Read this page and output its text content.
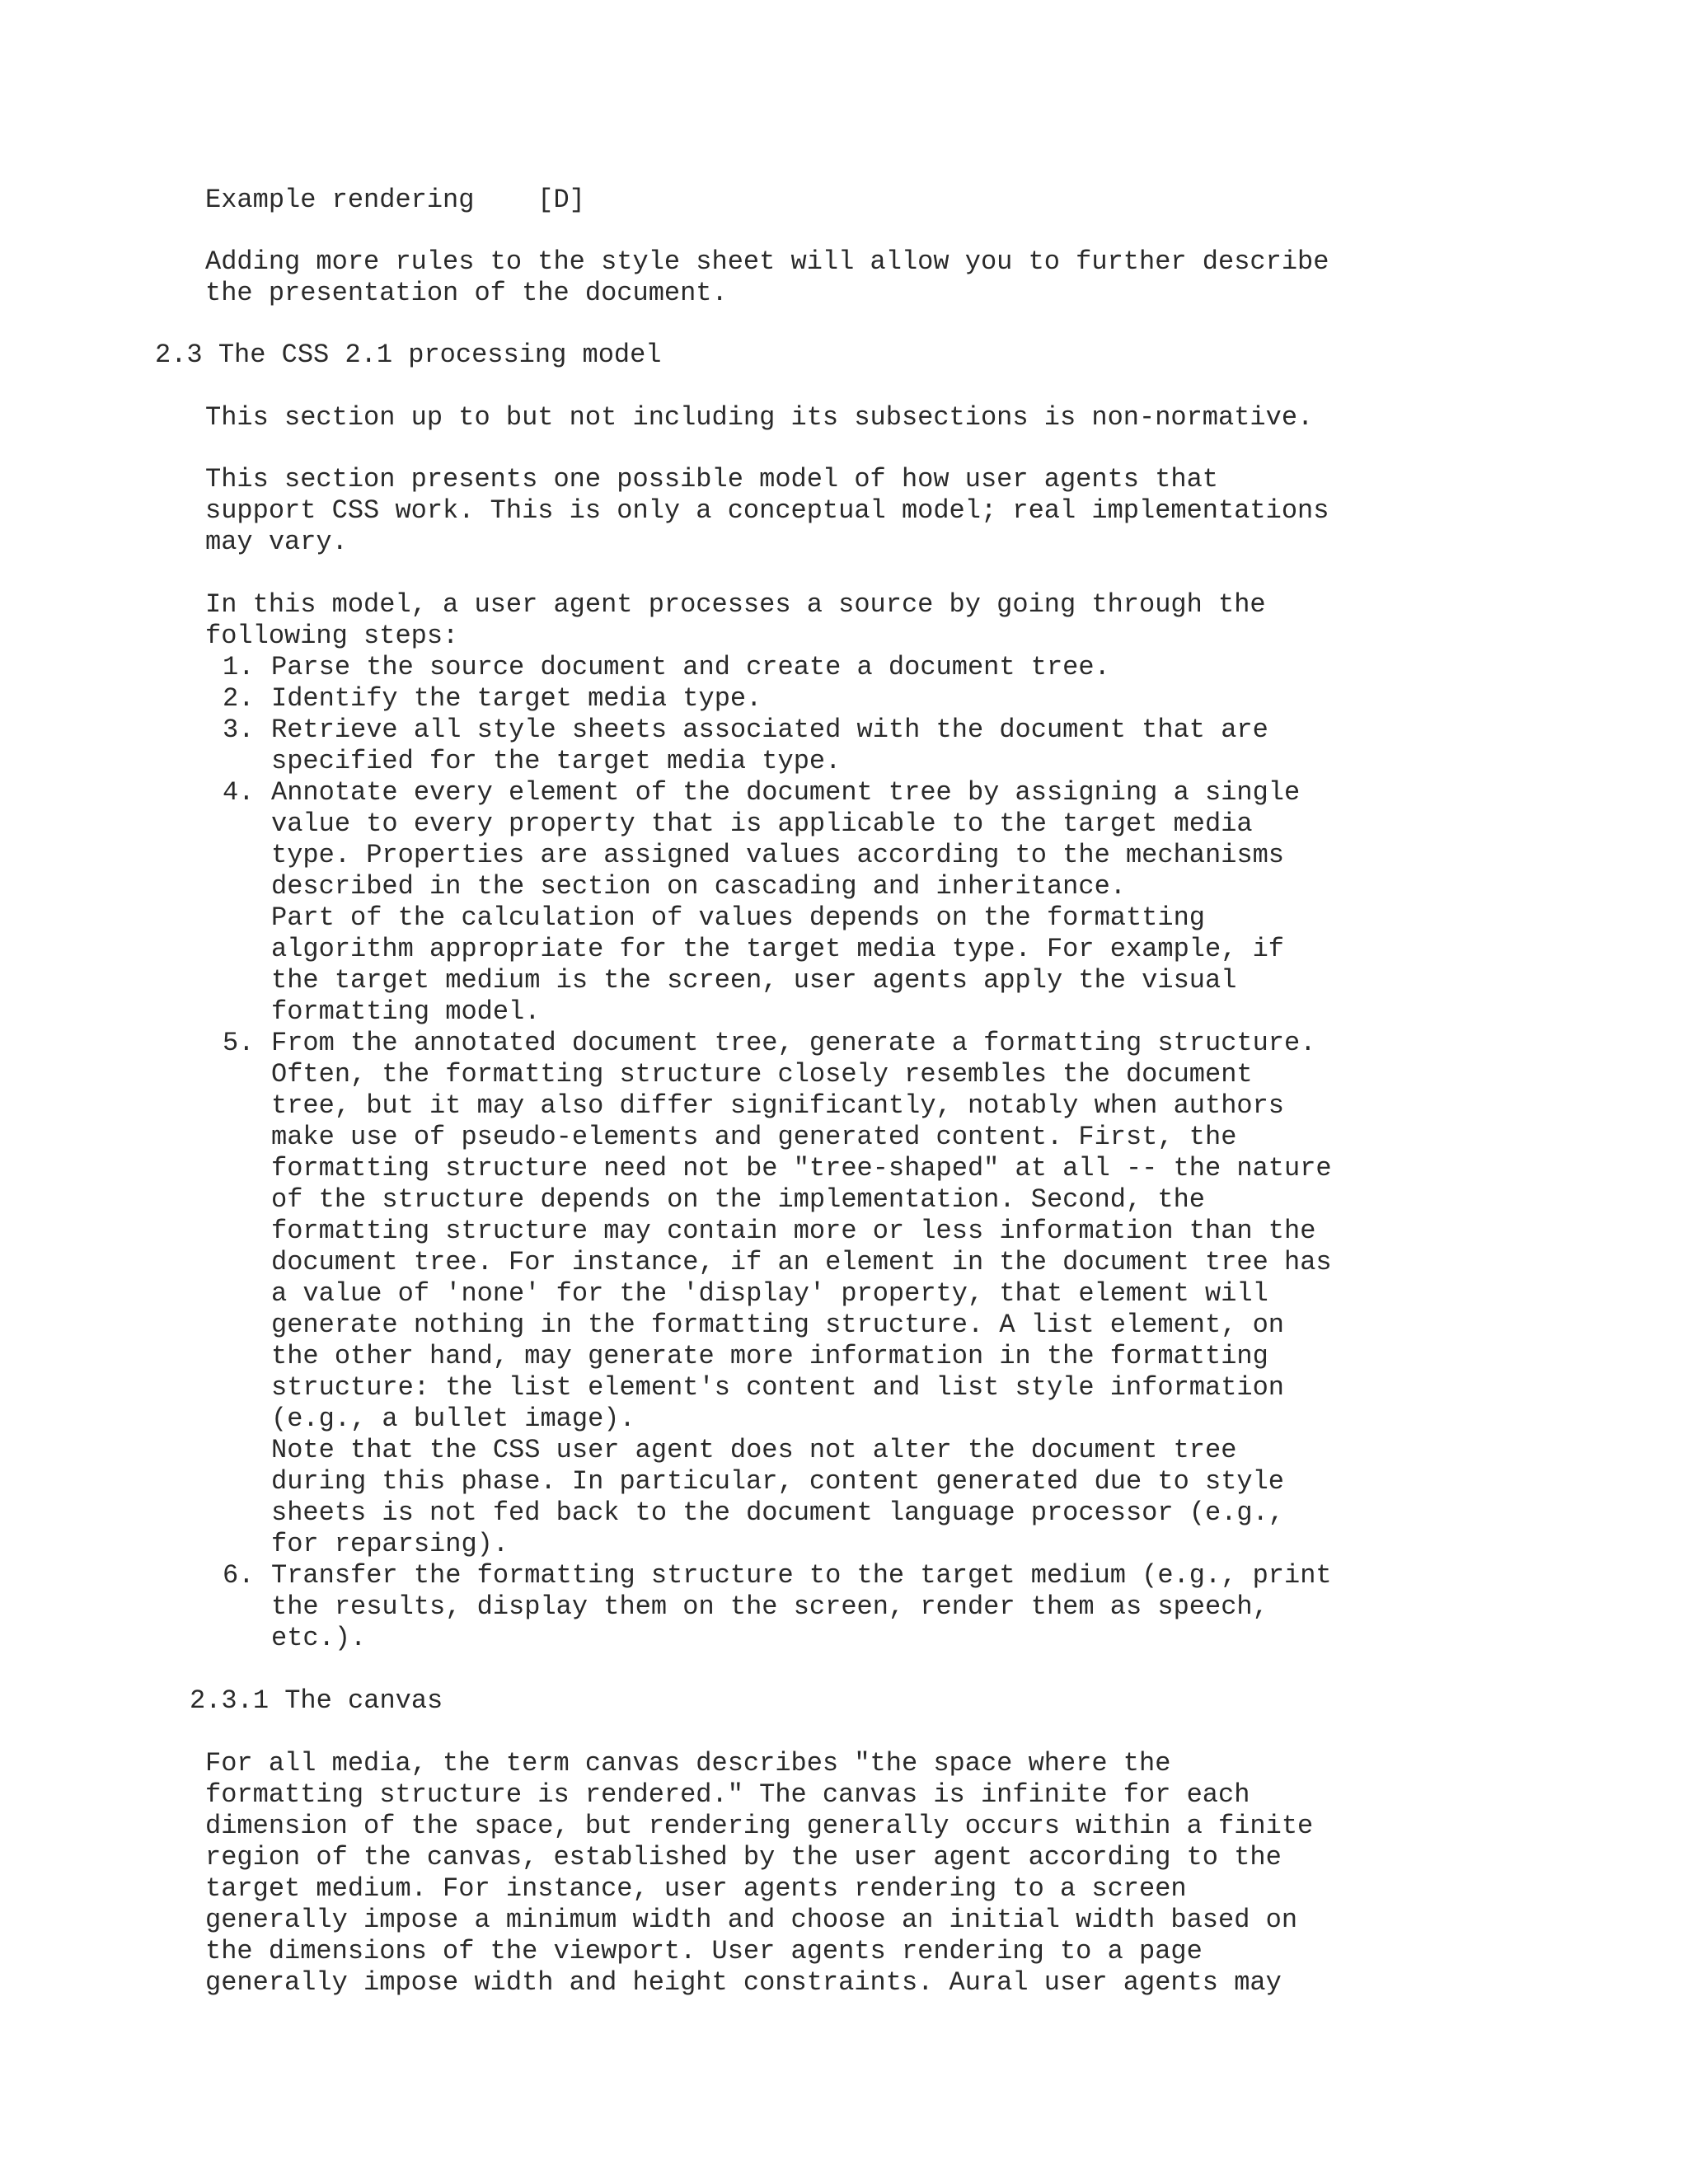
Example rendering [D]
Adding more rules to the style sheet will allow you to further describe
the presentation of the document.
2.3 The CSS 2.1 processing model
This section up to but not including its subsections is non-normative.
This section presents one possible model of how user agents that
support CSS work. This is only a conceptual model; real implementations
may vary.
In this model, a user agent processes a source by going through the
following steps:
1. Parse the source document and create a document tree.
2. Identify the target media type.
3. Retrieve all style sheets associated with the document that are
specified for the target media type.
4. Annotate every element of the document tree by assigning a single
value to every property that is applicable to the target media
type. Properties are assigned values according to the mechanisms
described in the section on cascading and inheritance.
Part of the calculation of values depends on the formatting
algorithm appropriate for the target media type. For example, if
the target medium is the screen, user agents apply the visual
formatting model.
5. From the annotated document tree, generate a formatting structure.
Often, the formatting structure closely resembles the document
tree, but it may also differ significantly, notably when authors
make use of pseudo-elements and generated content. First, the
formatting structure need not be "tree-shaped" at all -- the nature
of the structure depends on the implementation. Second, the
formatting structure may contain more or less information than the
document tree. For instance, if an element in the document tree has
a value of 'none' for the 'display' property, that element will
generate nothing in the formatting structure. A list element, on
the other hand, may generate more information in the formatting
structure: the list element's content and list style information
(e.g., a bullet image).
Note that the CSS user agent does not alter the document tree
during this phase. In particular, content generated due to style
sheets is not fed back to the document language processor (e.g.,
for reparsing).
6. Transfer the formatting structure to the target medium (e.g., print
the results, display them on the screen, render them as speech,
etc.).
2.3.1 The canvas
For all media, the term canvas describes "the space where the
formatting structure is rendered." The canvas is infinite for each
dimension of the space, but rendering generally occurs within a finite
region of the canvas, established by the user agent according to the
target medium. For instance, user agents rendering to a screen
generally impose a minimum width and choose an initial width based on
the dimensions of the viewport. User agents rendering to a page
generally impose width and height constraints. Aural user agents may
